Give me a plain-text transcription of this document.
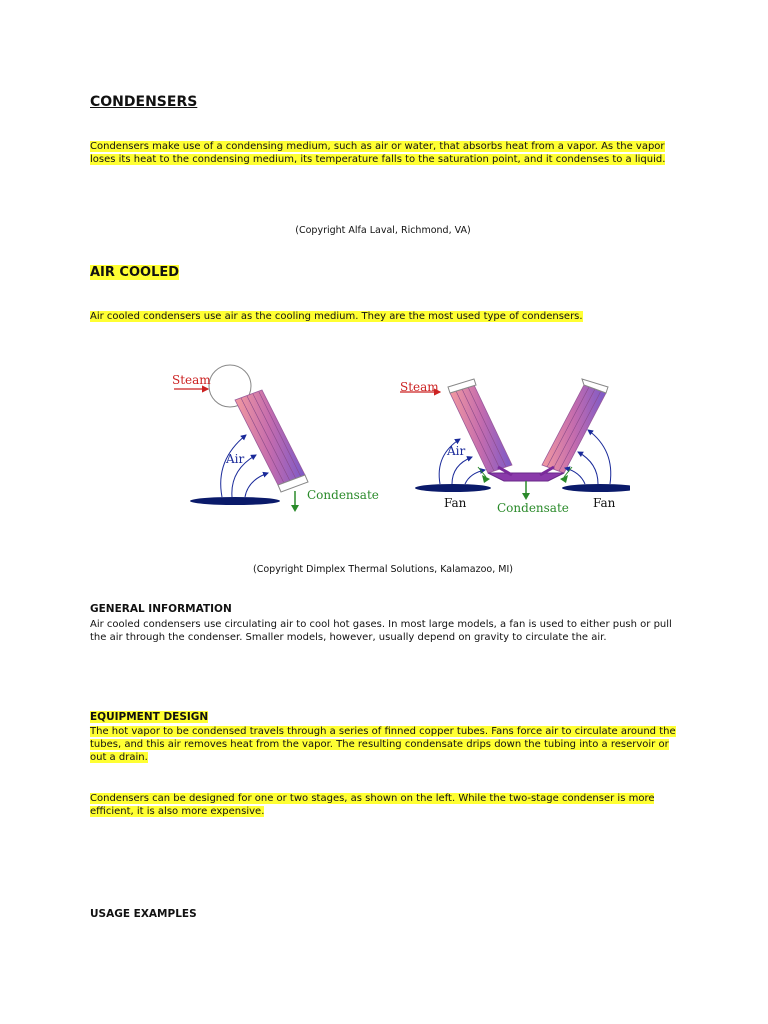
CONDENSERS

Condensers make use of a condensing medium, such as air or water, that absorbs heat from a vapor. As the vapor loses its heat to the condensing medium, its temperature falls to the saturation point, and it condenses to a liquid.

(Copyright Alfa Laval, Richmond, VA)

AIR COOLED

Air cooled condensers use air as the cooling medium. They are the most used type of condensers.

Steam
Air
Condensate
Steam
Air
Fan	Condensate Fan

(Copyright Dimplex Thermal Solutions, Kalamazoo, MI)

GENERAL INFORMATION

Air cooled condensers use circulating air to cool hot gases. In most large models, a fan is used to either push or pull the air through the condenser. Smaller models, however, usually depend on gravity to circulate the air.

EQUIPMENT DESIGN

The hot vapor to be condensed travels through a series of finned copper tubes. Fans force air to circulate around the tubes, and this air removes heat from the vapor. The resulting condensate drips down the tubing into a reservoir or out a drain.

Condensers can be designed for one or two stages, as shown on the left. While the two-stage condenser is more efficient, it is also more expensive.

USAGE EXAMPLES
